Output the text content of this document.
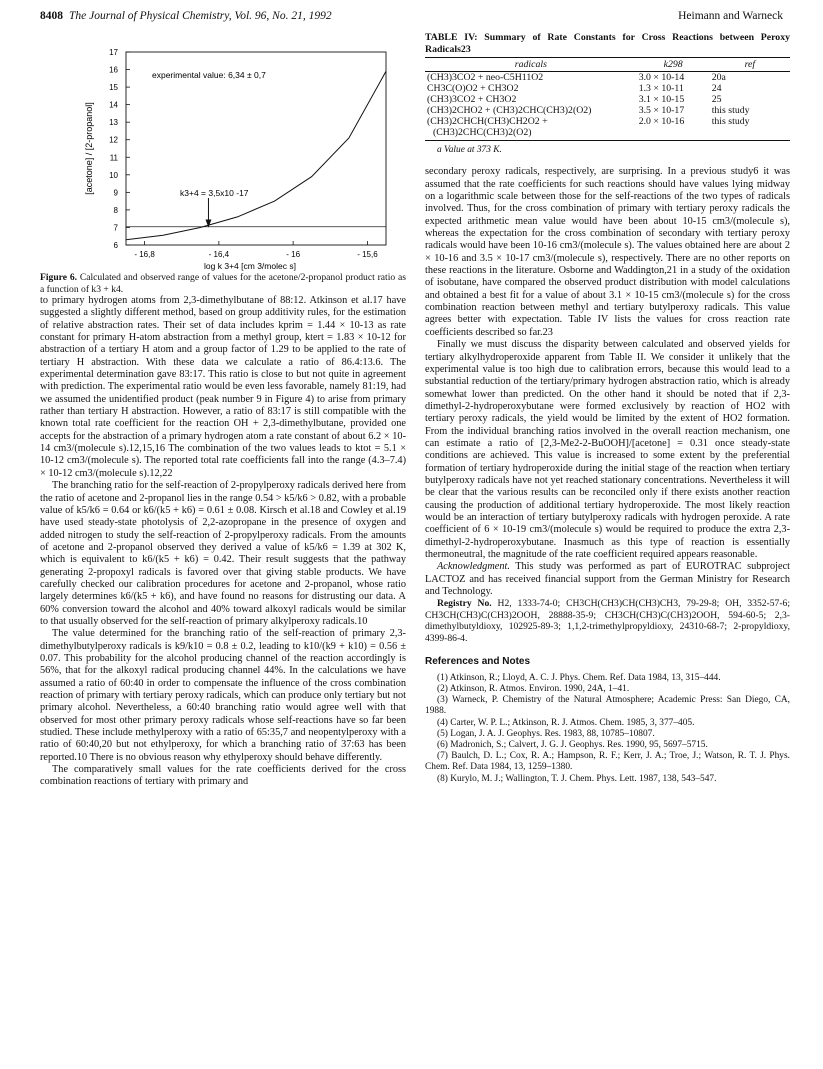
8408 The Journal of Physical Chemistry, Vol. 96, No. 21, 1992	Heimann and Warneck
[acetone] / [2-propanol]
log k 3+4 [cm 3/molec s]
experimental value: 6,34 ± 0,7
k3+4 = 3,5x10 -17
6
7
8
9
10
11
12
13
14
15
16
17
- 16,8	- 16,4	- 16	- 15,6

Figure 6. Calculated and observed range of values for the acetone/2-propanol product ratio as a function of k3 + k4.

to primary hydrogen atoms from 2,3-dimethylbutane of 88:12. Atkinson et al.17 have suggested a slightly different method, based on group additivity rules, for the estimation of relative abstraction rates. Their set of data includes kprim = 1.44 × 10-13 as rate constant for primary H-atom abstraction from a methyl group, ktert = 1.83 × 10-12 for abstraction of a tertiary H atom and a group factor of 1.29 to be applied to the rate of tertiary H abstraction. With these data we calculate a ratio of 86.4:13.6. The experimental determination gave 83:17. This ratio is close to but not quite in agreement with prediction. The experimental ratio would be even less favorable, namely 81:19, had we assumed the unidentified product (peak number 9 in Figure 4) to arise from primary rather than tertiary H abstraction. However, a ratio of 83:17 is still compatible with the known total rate coefficient for the reaction OH + 2,3-dimethylbutane, provided one accepts for the abstraction of a primary hydrogen atom a rate constant of about 6.2 × 10-14 cm3/(molecule s).12,15,16 The combination of the two values leads to ktot = 5.1 × 10-12 cm3/(molecule s). The reported total rate coefficients fall into the range (4.3–7.4) × 10-12 cm3/(molecule s).12,22

The branching ratio for the self-reaction of 2-propylperoxy radicals derived here from the ratio of acetone and 2-propanol lies in the range 0.54 > k5/k6 > 0.82, with a probable value of k5/k6 = 0.64 or k6/(k5 + k6) = 0.61 ± 0.08. Kirsch et al.18 and Cowley et al.19 have used steady-state photolysis of 2,2-azopropane in the presence of oxygen and added nitrogen to study the self-reaction of 2-propylperoxy radicals. From the amounts of acetone and 2-propanol observed they derived a value of k5/k6 = 1.39 at 302 K, which is equivalent to k6/(k5 + k6) = 0.42. Their result suggests that the pathway generating 2-propoxyl radicals is favored over that giving stable products. We have carefully checked our calibration procedures for acetone and 2-propanol, whose ratio largely determines k6/(k5 + k6), and have found no reasons for distrusting our data. A 60% conversion toward the alcohol and 40% toward alkoxyl radicals would be similar to that usually observed for the self-reaction of primary alkylperoxy radicals.10

The value determined for the branching ratio of the self-reaction of primary 2,3-dimethylbutylperoxy radicals is k9/k10 = 0.8 ± 0.2, leading to k10/(k9 + k10) = 0.56 ± 0.07. This probability for the alcohol producing channel of the reaction accordingly is 56%, that for the alkoxyl radical producing channel 44%. In the calculations we have assumed a ratio of 60:40 in order to compensate the influence of the cross combination reaction of primary with tertiary peroxy radicals, which can produce only tertiary but not primary alcohol. Nevertheless, a 60:40 branching ratio would agree well with that observed for most other primary peroxy radicals whose self-reactions have so far been studied. These include methylperoxy with a ratio of 65:35,7 and neopentylperoxy with a ratio of 60:40,20 but not ethylperoxy, for which a branching ratio of 37:63 has been reported.10 There is no obvious reason why ethylperoxy should behave differently.

The comparatively small values for the rate coefficients derived for the cross combination reactions of tertiary with primary and

TABLE IV: Summary of Rate Constants for Cross Reactions between Peroxy Radicals23
radicals	k298	ref
(CH3)3CO2 + neo-C5H11O2	3.0 × 10-14	20a
CH3C(O)O2 + CH3O2	1.3 × 10-11	24
(CH3)3CO2 + CH3O2	3.1 × 10-15	25
(CH3)2CHO2 + (CH3)2CHC(CH3)2(O2)	3.5 × 10-17	this study
(CH3)2CHCH(CH3)CH2O2 +	2.0 × 10-16	this study
(CH3)2CHC(CH3)2(O2)		
a Value at 373 K.

secondary peroxy radicals, respectively, are surprising. In a previous study6 it was assumed that the rate coefficients for such reactions should have values lying midway on a logarithmic scale between those for the self-reactions of the two types of radicals involved. Thus, for the cross combination of primary with tertiary peroxy radicals the expected arithmetic mean value would have been about 10-15 cm3/(molecule s), whereas the expectation for the cross combination of secondary with tertiary peroxy radicals would have been 10-16 cm3/(molecule s). The values obtained here are about 2 × 10-16 and 3.5 × 10-17 cm3/(molecule s), respectively. There are no other reports on these reactions in the literature. Osborne and Waddington,21 in a study of the oxidation of isobutane, have compared the observed product distribution with model calculations and obtained a best fit for a value of about 3.1 × 10-15 cm3/(molecule s) for the cross combination reaction between methyl and tertiary butylperoxy radicals. This value agrees better with expectation. Table IV lists the values for cross reaction rate coefficients described so far.23

Finally we must discuss the disparity between calculated and observed yields for tertiary alkylhydroperoxide apparent from Table II. We consider it unlikely that the experimental value is too high due to calibration errors, because this would lead to a substantial reduction of the tertiary/primary hydrogen abstraction ratio, which is already somewhat lower than predicted. On the other hand it should be noted that if 2,3-dimethyl-2-hydroperoxybutane were formed exclusively by reaction of HO2 with tertiary peroxy radicals, the yield would be limited by the extent of HO2 formation. From the individual branching ratios involved in the overall reaction mechanism, one can estimate a ratio of [2,3-Me2-2-BuOOH]/[acetone] = 0.31 once steady-state conditions are achieved. This value is increased to some extent by the preferential formation of tertiary hydroperoxide during the initial stage of the reaction when tertiary butylperoxy radicals have not yet reached stationary concentrations. Nevertheless it will be clear that the various results can be reconciled only if there exists another reaction causing the production of additional tertiary hydroperoxide. The most likely reaction would be an interaction of tertiary butylperoxy radicals with hydrogen peroxide. A rate coefficient of 6 × 10-19 cm3/(molecule s) would be required to produce the extra 2,3-dimethyl-2-hydroperoxybutane. Inasmuch as this type of reaction is essentially thermoneutral, the magnitude of the rate coefficient required appears reasonable.

Acknowledgment. This study was performed as part of EUROTRAC subproject LACTOZ and has received financial support from the German Ministry for Research and Technology.

Registry No. H2, 1333-74-0; CH3CH(CH3)CH(CH3)CH3, 79-29-8; OH, 3352-57-6; CH3CH(CH3)C(CH3)2OOH, 28888-35-9; CH3CH(CH3)C(CH3)2OOH, 594-60-5; 2,3-dimethylbutyldioxy, 102925-89-3; 1,1,2-trimethylpropyldioxy, 24310-68-7; 2-propyldioxy, 4399-86-4.

References and Notes
(1) Atkinson, R.; Lloyd, A. C. J. Phys. Chem. Ref. Data 1984, 13, 315–444.
(2) Atkinson, R. Atmos. Environ. 1990, 24A, 1–41.
(3) Warneck, P. Chemistry of the Natural Atmosphere; Academic Press: San Diego, CA, 1988.
(4) Carter, W. P. L.; Atkinson, R. J. Atmos. Chem. 1985, 3, 377–405.
(5) Logan, J. A. J. Geophys. Res. 1983, 88, 10785–10807.
(6) Madronich, S.; Calvert, J. G. J. Geophys. Res. 1990, 95, 5697–5715.
(7) Baulch, D. L.; Cox, R. A.; Hampson, R. F.; Kerr, J. A.; Troe, J.; Watson, R. T. J. Phys. Chem. Ref. Data 1984, 13, 1259–1380.
(8) Kurylo, M. J.; Wallington, T. J. Chem. Phys. Lett. 1987, 138, 543–547.
